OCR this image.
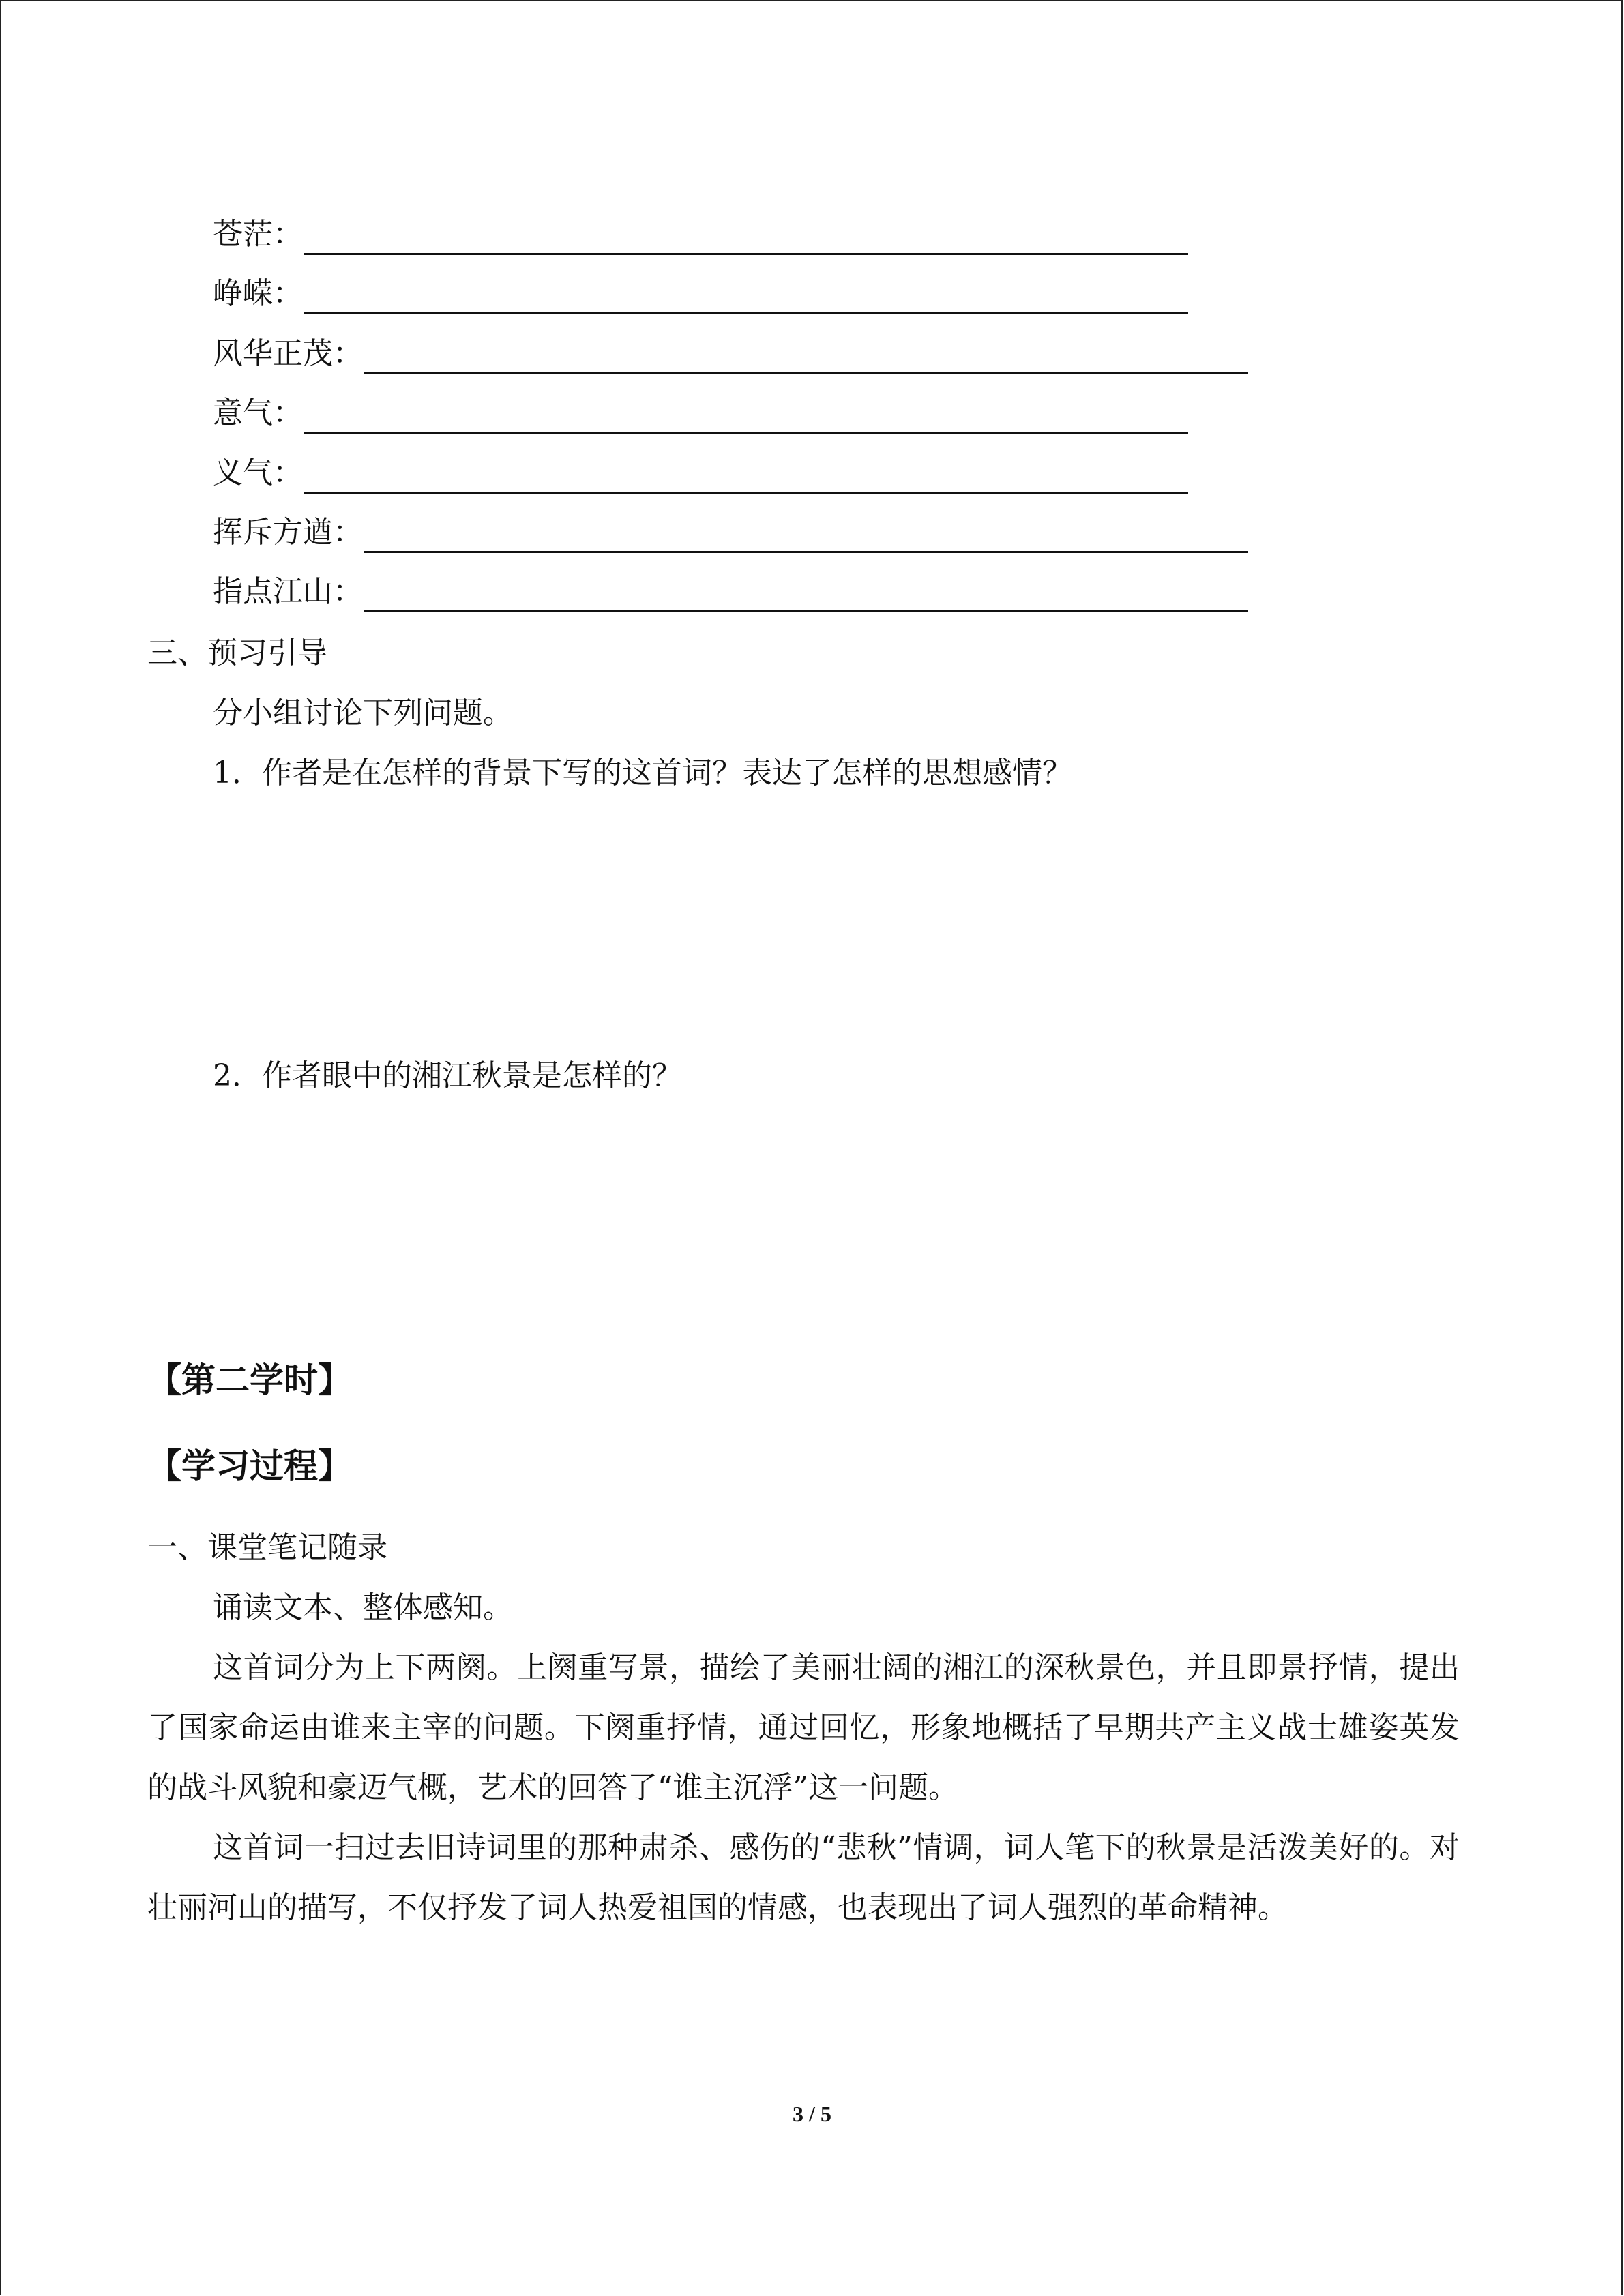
苍茫：
峥嵘：
风华正茂：
意气：
义气：
挥斥方遒：
指点江山：
三、预习引导
分小组讨论下列问题。
1．作者是在怎样的背景下写的这首词？表达了怎样的思想感情？
2．作者眼中的湘江秋景是怎样的？
【第二学时】
【学习过程】
一、课堂笔记随录
诵读文本、整体感知。
这首词分为上下两阕。上阕重写景，描绘了美丽壮阔的湘江的深秋景色，并且即景抒情，提出了国家命运由谁来主宰的问题。下阕重抒情，通过回忆，形象地概括了早期共产主义战士雄姿英发的战斗风貌和豪迈气概，艺术的回答了“谁主沉浮”这一问题。
这首词一扫过去旧诗词里的那种肃杀、感伤的“悲秋”情调，词人笔下的秋景是活泼美好的。对壮丽河山的描写，不仅抒发了词人热爱祖国的情感，也表现出了词人强烈的革命精神。
3 / 5
